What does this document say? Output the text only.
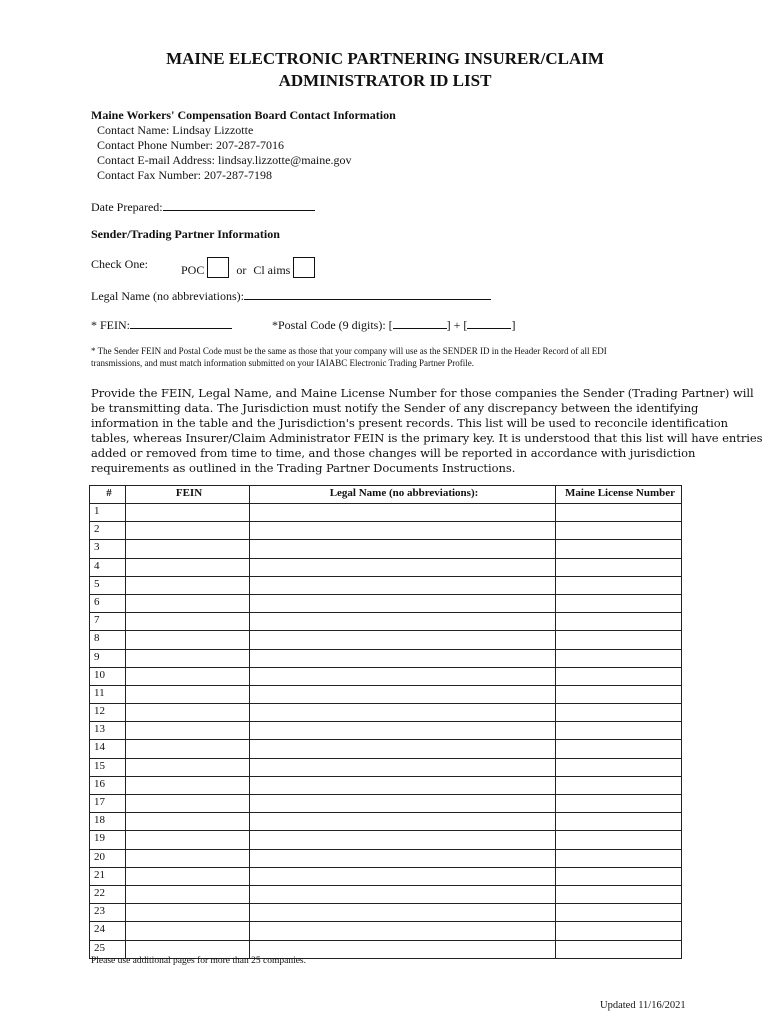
MAINE ELECTRONIC PARTNERING INSURER/CLAIM
ADMINISTRATOR ID LIST
Maine Workers' Compensation Board Contact Information
Contact Name: Lindsay Lizzotte
Contact Phone Number: 207-287-7016
Contact E-mail Address: lindsay.lizzotte@maine.gov
Contact Fax Number: 207-287-7198
Date Prepared:
Sender/Trading Partner Information
Check One:	POC	or Cl aims
Legal Name (no abbreviations):
* FEIN:	*Postal Code (9 digits): [	] + [	]
* The Sender FEIN and Postal Code must be the same as those that your company will use as the SENDER ID in the Header Record of all EDI
transmissions, and must match information submitted on your IAIABC Electronic Trading Partner Profile.
Provide the FEIN, Legal Name, and Maine License Number for those companies the Sender (Trading Partner) will
be transmitting data. The Jurisdiction must notify the Sender of any discrepancy between the identifying
information in the table and the Jurisdiction's present records. This list will be used to reconcile identification
tables, whereas Insurer/Claim Administrator FEIN is the primary key. It is understood that this list will have entries
added or removed from time to time, and those changes will be reported in accordance with jurisdiction
requirements as outlined in the Trading Partner Documents Instructions.
#	FEIN	Legal Name (no abbreviations):	Maine License Number
1			
2			
3			
4			
5			
6			
7			
8			
9			
10			
11			
12			
13			
14			
15			
16			
17			
18			
19			
20			
21			
22			
23			
24			
25			
Please use additional pages for more than 25 companies.
Updated 11/16/2021
